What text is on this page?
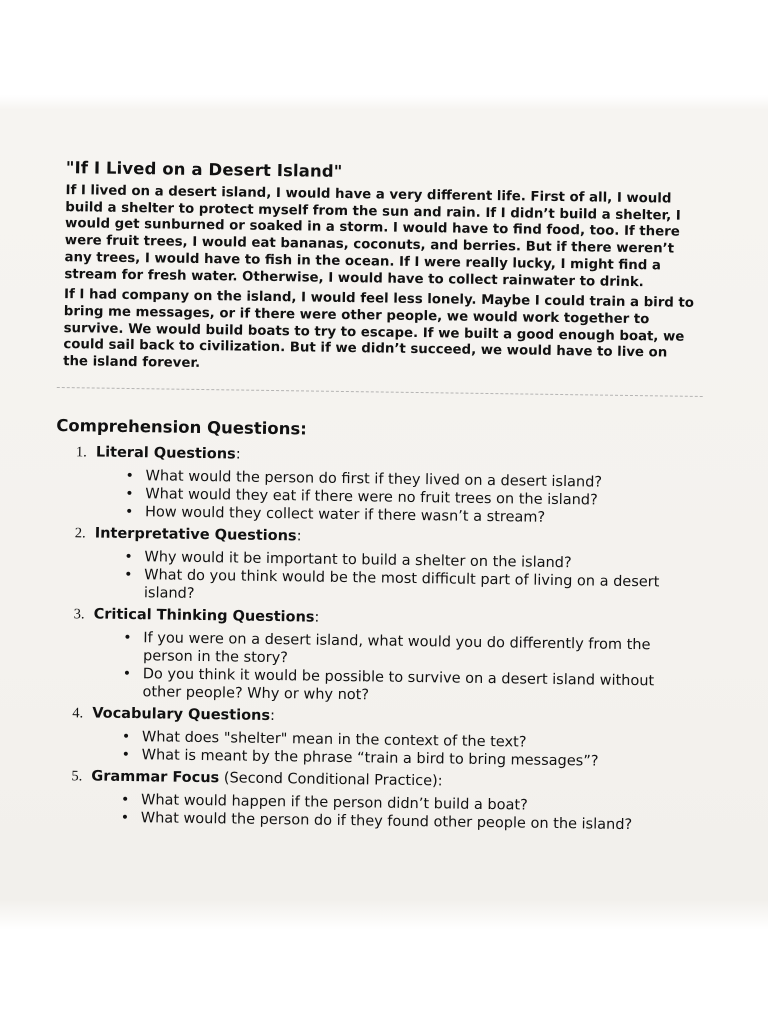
"If I Lived on a Desert Island"

If I lived on a desert island, I would have a very different life. First of all, I would build a shelter to protect myself from the sun and rain. If I didn’t build a shelter, I would get sunburned or soaked in a storm. I would have to find food, too. If there were fruit trees, I would eat bananas, coconuts, and berries. But if there weren’t any trees, I would have to fish in the ocean. If I were really lucky, I might find a stream for fresh water. Otherwise, I would have to collect rainwater to drink.

If I had company on the island, I would feel less lonely. Maybe I could train a bird to bring me messages, or if there were other people, we would work together to survive. We would build boats to try to escape. If we built a good enough boat, we could sail back to civilization. But if we didn’t succeed, we would have to live on the island forever.

Comprehension Questions:
1. Literal Questions:
• What would the person do first if they lived on a desert island?
• What would they eat if there were no fruit trees on the island?
• How would they collect water if there wasn’t a stream?
2. Interpretative Questions:
• Why would it be important to build a shelter on the island?
• What do you think would be the most difficult part of living on a desert island?
3. Critical Thinking Questions:
• If you were on a desert island, what would you do differently from the person in the story?
• Do you think it would be possible to survive on a desert island without other people? Why or why not?
4. Vocabulary Questions:
• What does "shelter" mean in the context of the text?
• What is meant by the phrase “train a bird to bring messages”?
5. Grammar Focus (Second Conditional Practice):
• What would happen if the person didn’t build a boat?
• What would the person do if they found other people on the island?
